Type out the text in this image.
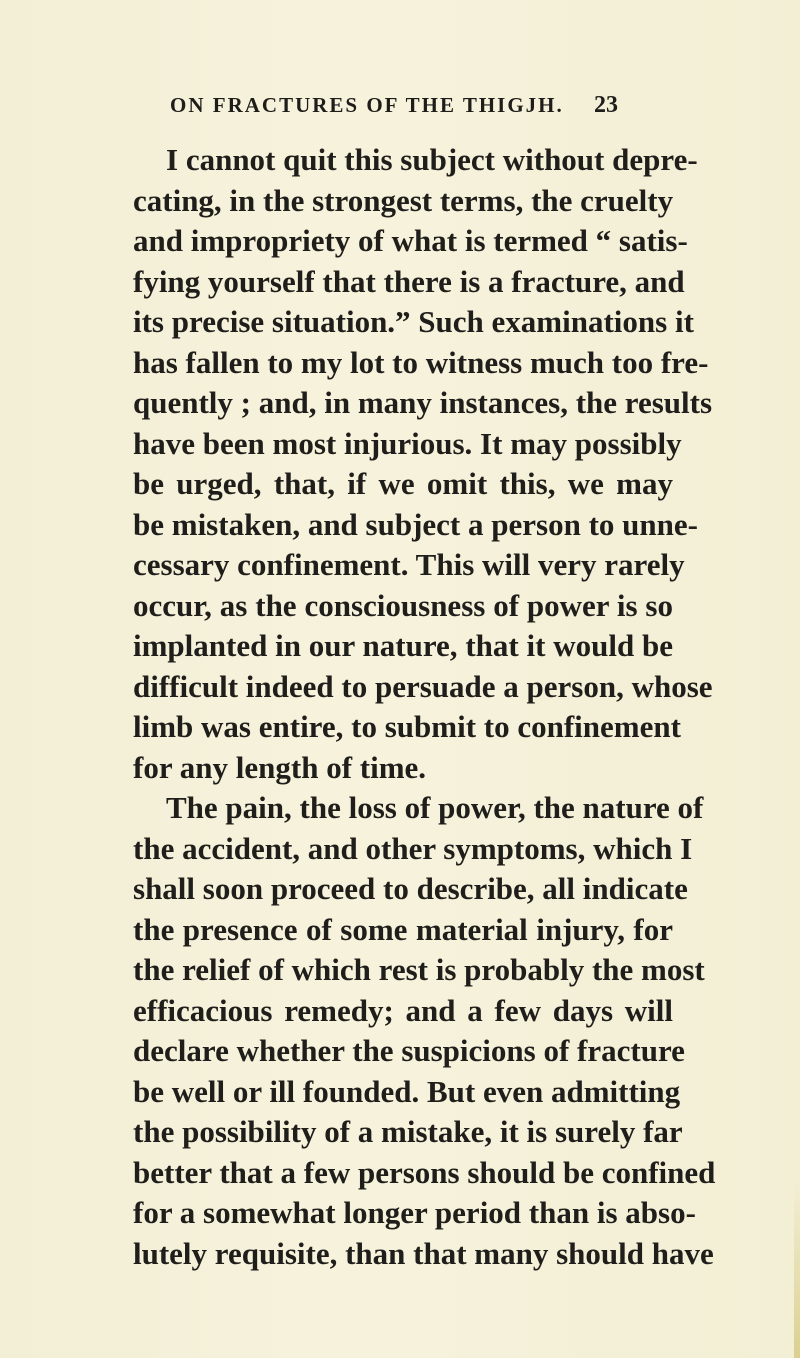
ON FRACTURES OF THE THIGJH. 23
I cannot quit this subject without depre-
cating, in the strongest terms, the cruelty
and impropriety of what is termed “ satis-
fying yourself that there is a fracture, and
its precise situation.” Such examinations it
has fallen to my lot to witness much too fre-
quently ; and, in many instances, the results
have been most injurious. It may possibly
be urged, that, if we omit this, we may
be mistaken, and subject a person to unne-
cessary confinement. This will very rarely
occur, as the consciousness of power is so
implanted in our nature, that it would be
difficult indeed to persuade a person, whose
limb was entire, to submit to confinement
for any length of time.
The pain, the loss of power, the nature of
the accident, and other symptoms, which I
shall soon proceed to describe, all indicate
the presence of some material injury, for
the relief of which rest is probably the most
efficacious remedy; and a few days will
declare whether the suspicions of fracture
be well or ill founded. But even admitting
the possibility of a mistake, it is surely far
better that a few persons should be confined
for a somewhat longer period than is abso-
lutely requisite, than that many should have
